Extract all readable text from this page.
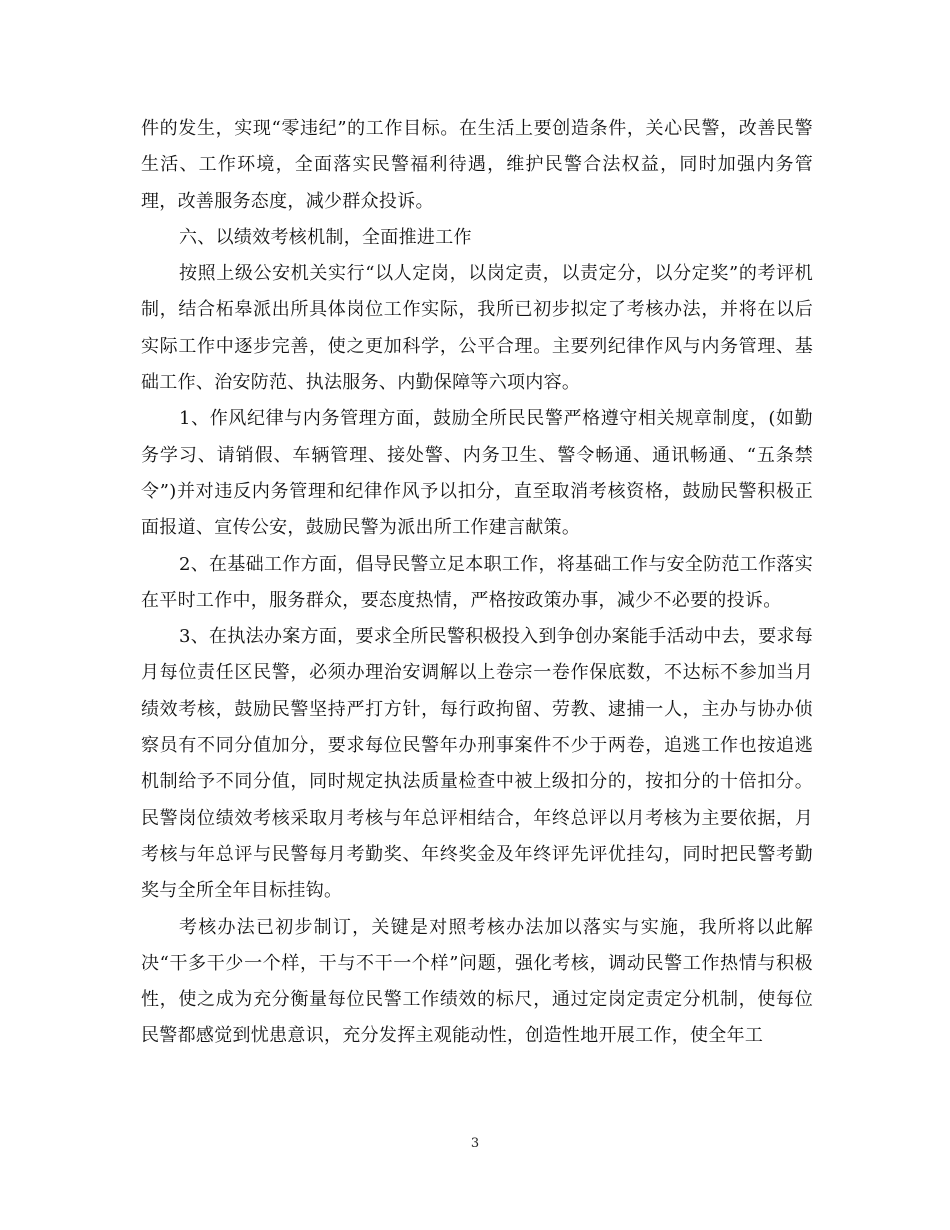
件的发生，实现“零违纪”的工作目标。在生活上要创造条件，关心民警，改善民警生活、工作环境，全面落实民警福利待遇，维护民警合法权益，同时加强内务管理，改善服务态度，减少群众投诉。

六、以绩效考核机制，全面推进工作

按照上级公安机关实行“以人定岗，以岗定责，以责定分，以分定奖”的考评机制，结合柘皋派出所具体岗位工作实际，我所已初步拟定了考核办法，并将在以后实际工作中逐步完善，使之更加科学，公平合理。主要列纪律作风与内务管理、基础工作、治安防范、执法服务、内勤保障等六项内容。

1、作风纪律与内务管理方面，鼓励全所民民警严格遵守相关规章制度，(如勤务学习、请销假、车辆管理、接处警、内务卫生、警令畅通、通讯畅通、“五条禁令”)并对违反内务管理和纪律作风予以扣分，直至取消考核资格，鼓励民警积极正面报道、宣传公安，鼓励民警为派出所工作建言献策。

2、在基础工作方面，倡导民警立足本职工作，将基础工作与安全防范工作落实在平时工作中，服务群众，要态度热情，严格按政策办事，减少不必要的投诉。

3、在执法办案方面，要求全所民警积极投入到争创办案能手活动中去，要求每月每位责任区民警，必须办理治安调解以上卷宗一卷作保底数，不达标不参加当月绩效考核，鼓励民警坚持严打方针，每行政拘留、劳教、逮捕一人，主办与协办侦察员有不同分值加分，要求每位民警年办刑事案件不少于两卷，追逃工作也按追逃机制给予不同分值，同时规定执法质量检查中被上级扣分的，按扣分的十倍扣分。民警岗位绩效考核采取月考核与年总评相结合，年终总评以月考核为主要依据，月考核与年总评与民警每月考勤奖、年终奖金及年终评先评优挂勾，同时把民警考勤奖与全所全年目标挂钩。

考核办法已初步制订，关键是对照考核办法加以落实与实施，我所将以此解决“干多干少一个样，干与不干一个样”问题，强化考核，调动民警工作热情与积极性，使之成为充分衡量每位民警工作绩效的标尺，通过定岗定责定分机制，使每位民警都感觉到忧患意识，充分发挥主观能动性，创造性地开展工作，使全年工

3
